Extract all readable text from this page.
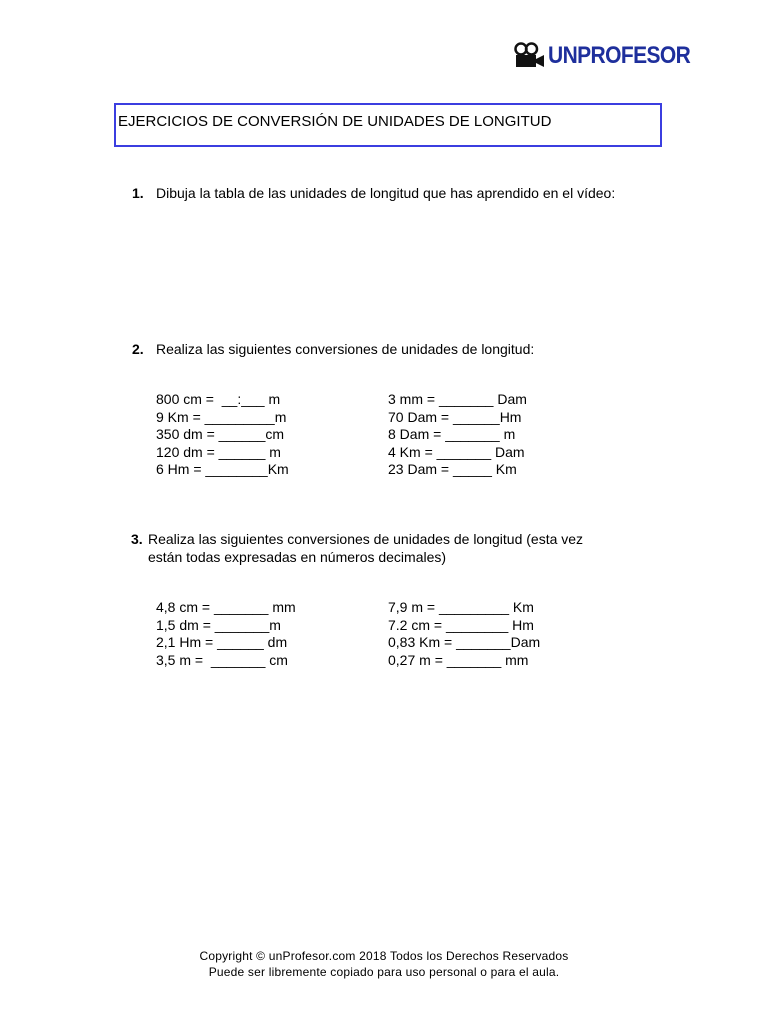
UNPROFESOR
EJERCICIOS DE CONVERSIÓN DE UNIDADES DE LONGITUD
1. Dibuja la tabla de las unidades de longitud que has aprendido en el vídeo:
2. Realiza las siguientes conversiones de unidades de longitud:
800 cm =  __:___ m
9 Km = _________m
350 dm = ______cm
120 dm = ______ m
6 Hm = ________Km
3 mm = _______ Dam
70 Dam = ______Hm
8 Dam = _______ m
4 Km = _______ Dam
23 Dam = _____ Km
3. Realiza las siguientes conversiones de unidades de longitud (esta vez
están todas expresadas en números decimales)
4,8 cm = _______ mm
1,5 dm = _______m
2,1 Hm = ______ dm
3,5 m =  _______ cm
7,9 m = _________ Km
7.2 cm = ________ Hm
0,83 Km = _______Dam
0,27 m = _______ mm
Copyright © unProfesor.com 2018 Todos los Derechos Reservados
Puede ser libremente copiado para uso personal o para el aula.
